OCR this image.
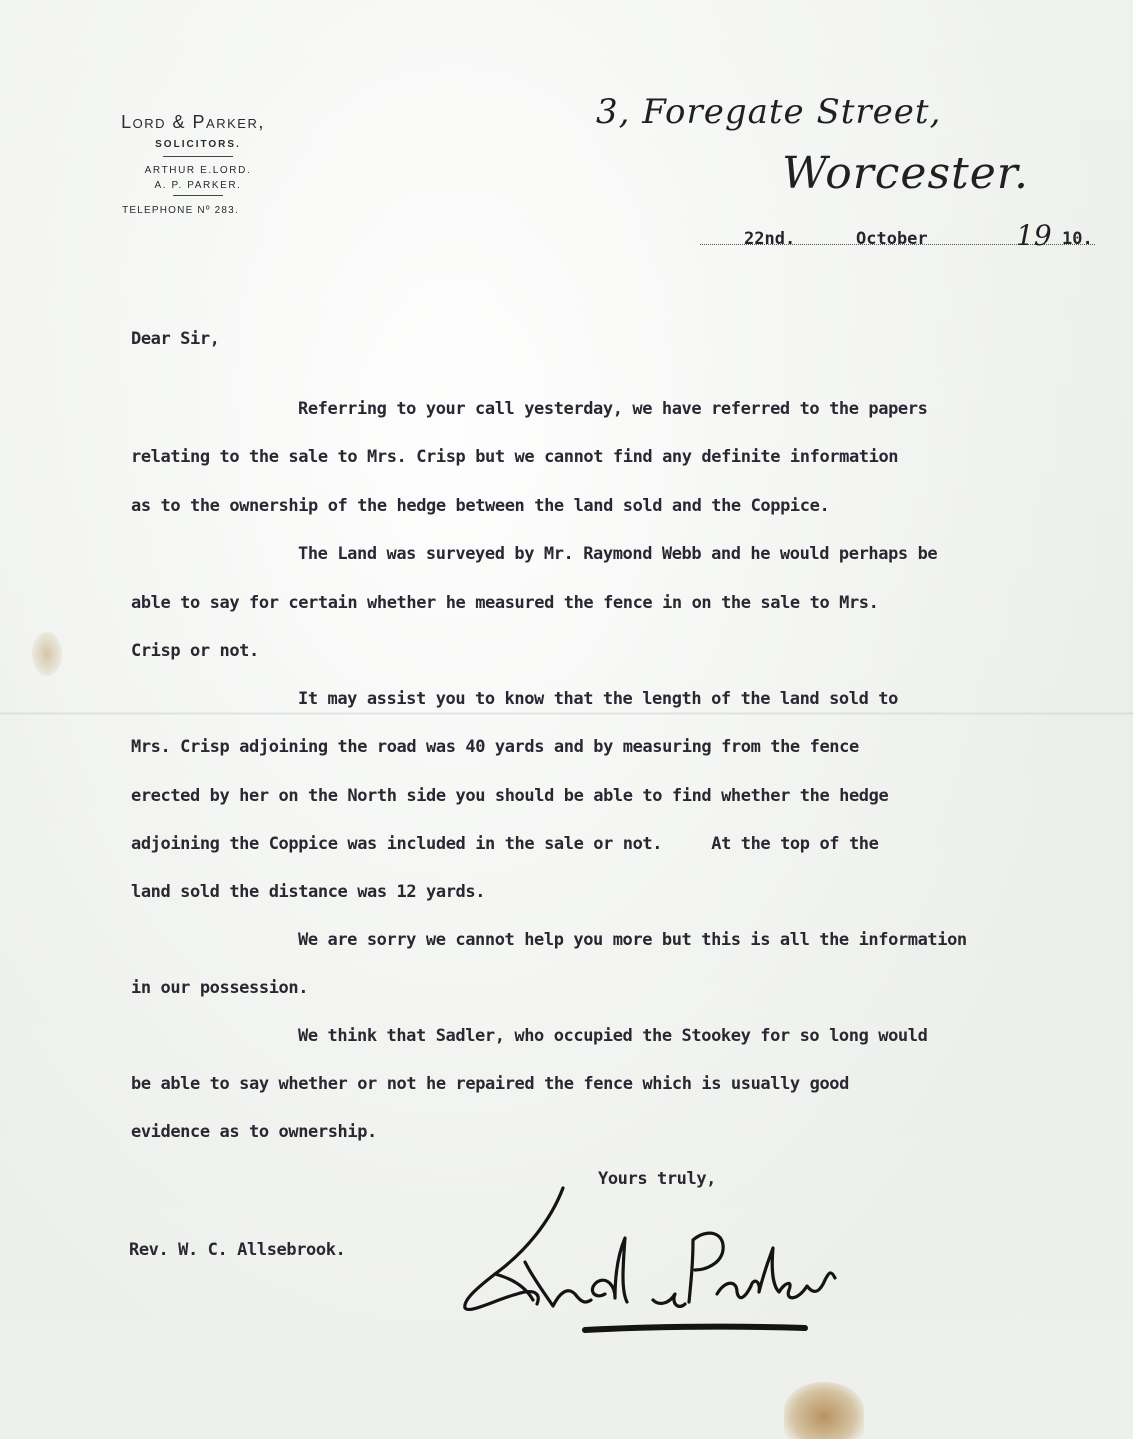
Lord & Parker,
SOLICITORS.
ARTHUR E.LORD.
A. P. PARKER.
TELEPHONE Nº 283.
3, Foregate Street,
Worcester.
22nd.	October	19 10.
Dear Sir,
Referring to your call yesterday, we have referred to the papers
relating to the sale to Mrs. Crisp but we cannot find any definite information
as to the ownership of the hedge between the land sold and the Coppice.
The Land was surveyed by Mr. Raymond Webb and he would perhaps be
able to say for certain whether he measured the fence in on the sale to Mrs.
Crisp or not.
It may assist you to know that the length of the land sold to
Mrs. Crisp adjoining the road was 40 yards and by measuring from the fence
erected by her on the North side you should be able to find whether the hedge
adjoining the Coppice was included in the sale or not.     At the top of the
land sold the distance was 12 yards.
We are sorry we cannot help you more but this is all the information
in our possession.
We think that Sadler, who occupied the Stookey for so long would
be able to say whether or not he repaired the fence which is usually good
evidence as to ownership.
Yours truly,
Rev. W. C. Allsebrook.
